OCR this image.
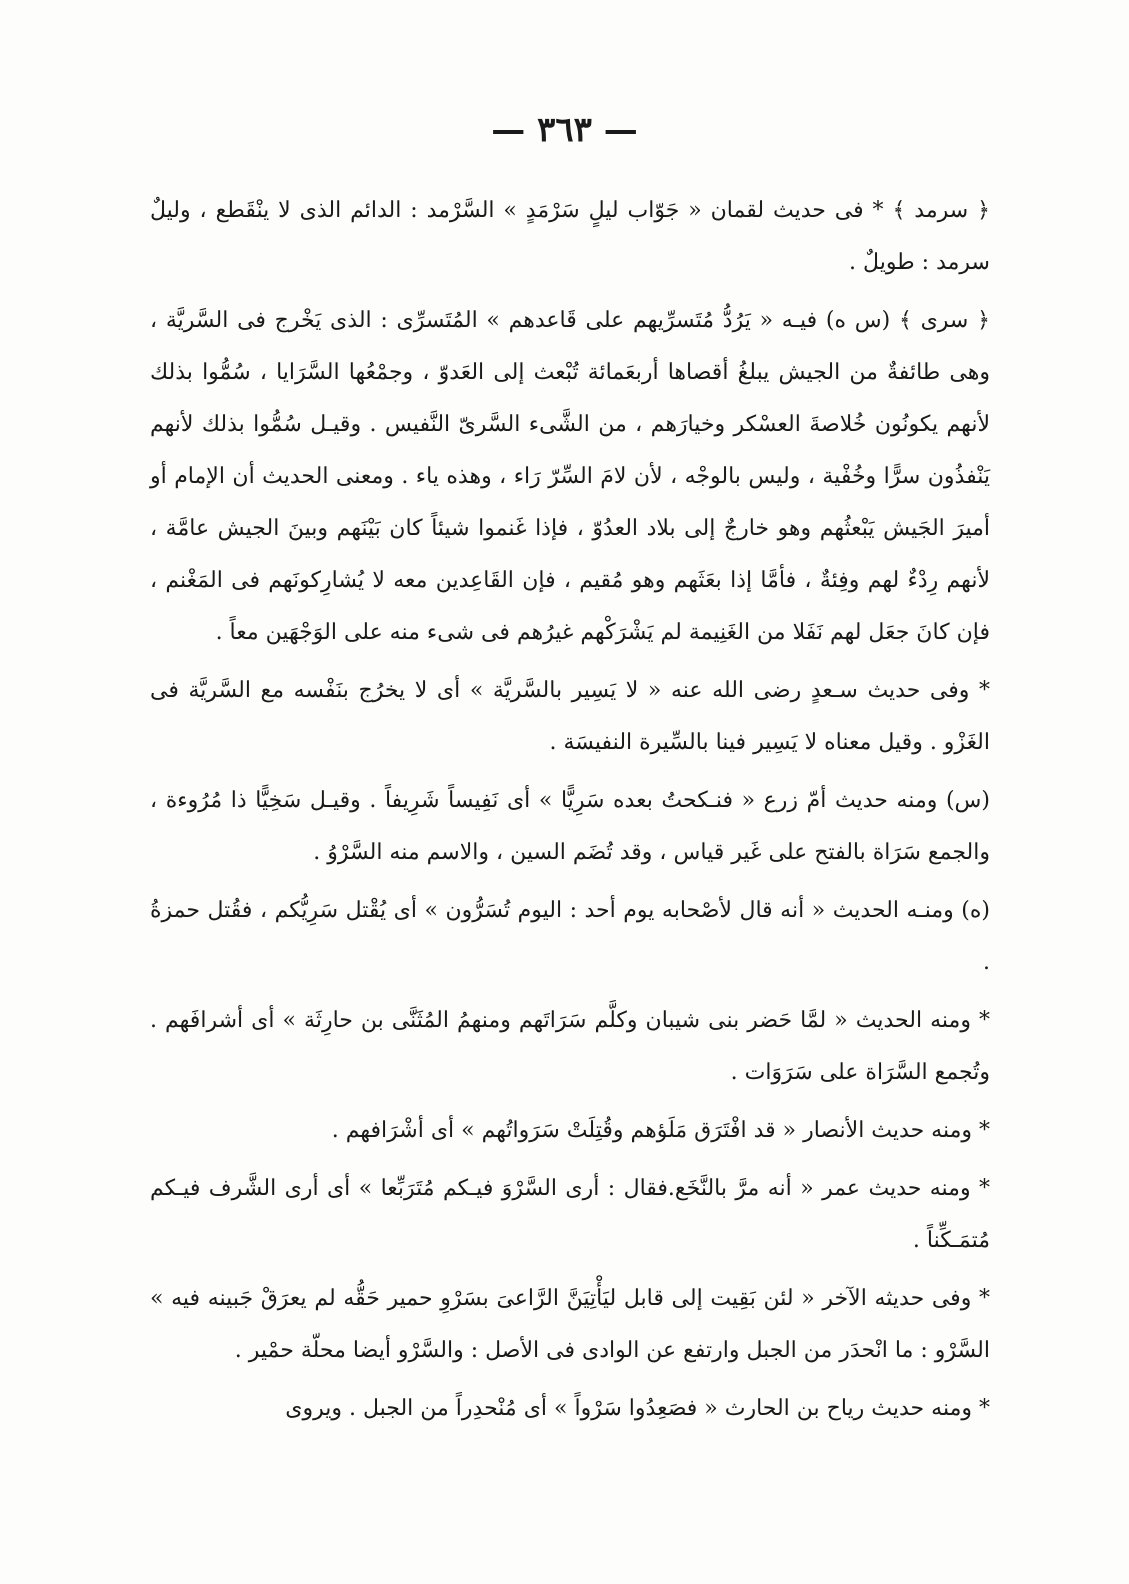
— ٣٦٣ —

﴿ سرمد ﴾ * فى حديث لقمان « جَوّاب ليلٍ سَرْمَدٍ » السَّرْمد : الدائم الذى لا ينْقَطع ، وليلٌ سرمد : طويلٌ .

﴿ سرى ﴾ (س ه) فيـه « يَرُدُّ مُتَسرِّيهم على قَاعدهم » المُتَسرِّى : الذى يَخْرج فى السَّريَّة ، وهى طائفةٌ من الجيش يبلغُ أقصاها أربعَمائة تُبْعث إلى العَدوّ ، وجمْعُها السَّرَايا ، سُمُّوا بذلك لأنهم يكونُون خُلاصةَ العسْكر وخيارَهم ، من الشَّىء السَّرىّ النَّفيس . وقيـل سُمُّوا بذلك لأنهم يَنْفذُون سرًّا وخُفْية ، وليس بالوجْه ، لأن لامَ السِّرّ رَاء ، وهذه ياء . ومعنى الحديث أن الإمام أو أميرَ الجَيش يَبْعثُهم وهو خارجٌ إلى بلاد العدُوّ ، فإذا غَنموا شيئاً كان بَيْنَهم وبينَ الجيش عامَّة ، لأنهم رِدْءٌ لهم وفِئةٌ ، فأمَّا إذا بعَثَهم وهو مُقيم ، فإن القَاعِدين معه لا يُشارِكونَهم فى المَغْنم ، فإن كانَ جعَل لهم نَفَلا من الغَنِيمة لم يَشْرَكْهم غيرُهم فى شىء منه على الوَجْهَين معاً .

* وفى حديث سـعدٍ رضى الله عنه « لا يَسِير بالسَّريَّة » أى لا يخرُج بنَفْسه مع السَّريَّة فى الغَزْو . وقيل معناه لا يَسِير فينا بالسِّيرة النفيسَة .

(س) ومنه حديث أمّ زرع « فنـكحتُ بعده سَرِيًّا » أى نَفِيساً شَرِيفاً . وقيـل سَخِيًّا ذا مُرُوءة ، والجمع سَرَاة بالفتح على غَير قياس ، وقد تُضَم السين ، والاسم منه السَّرْوُ .

(ه) ومنـه الحديث « أنه قال لأصْحابه يوم أحد : اليوم تُسَرُّون » أى يُقْتل سَرِيُّكم ، فقُتل حمزةُ .

* ومنه الحديث « لمَّا حَضر بنى شيبان وكلَّم سَرَاتَهم ومنهمُ المُثَنَّى بن حارِثَة » أى أشرافَهم . وتُجمع السَّرَاة على سَرَوَات .

* ومنه حديث الأنصار « قد افْتَرَق مَلَؤهم وقُتِلَتْ سَرَواتُهم » أى أشْرَافهم .

* ومنه حديث عمر « أنه مرَّ بالنَّخَع.فقال : أرى السَّرْوَ فيـكم مُتَرَبِّعا » أى أرى الشَّرف فيـكم مُتمَـكِّناً .

* وفى حديثه الآخر « لئن بَقِيت إلى قابل ليَأْتِيَنَّ الرَّاعىَ بسَرْوِ حمير حَقُّه لم يعرَقْ جَبينه فيه » السَّرْو : ما انْحدَر من الجبل وارتفع عن الوادى فى الأصل : والسَّرْو أيضا محلّة حمْير .

* ومنه حديث رياح بن الحارث « فصَعِدُوا سَرْواً » أى مُنْحدِراً من الجبل . ويروى
